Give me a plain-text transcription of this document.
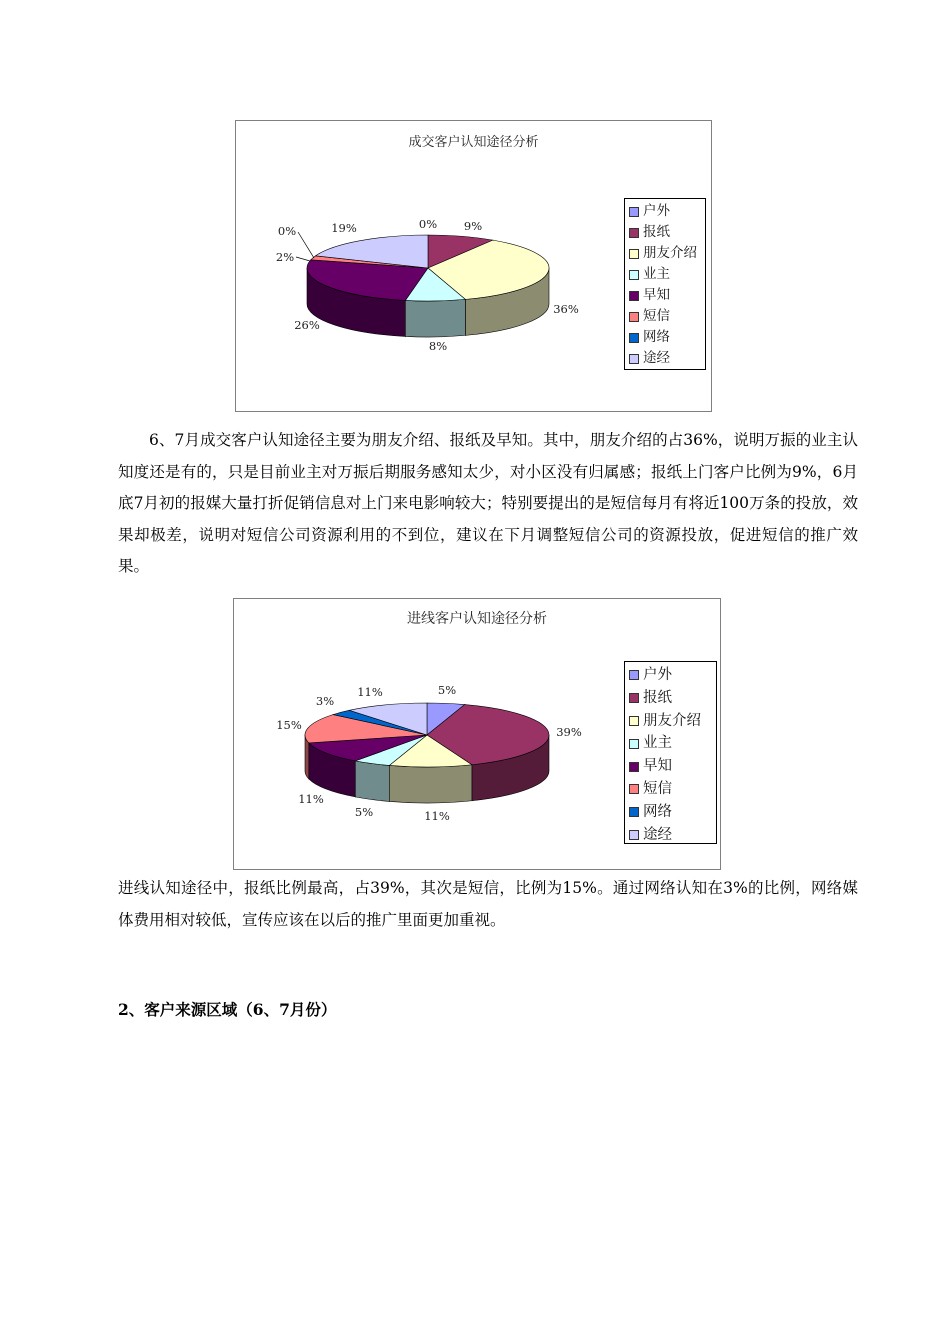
0% 9%
36%
8%
26%
2%
0%	19%
成交客户认知途径分析
户外
报纸
朋友介绍
业主
早知
短信
网络
途经

6、7月成交客户认知途径主要为朋友介绍、报纸及早知。其中，朋友介绍的占36%，说明万振的业主认知度还是有的，只是目前业主对万振后期服务感知太少，对小区没有归属感；报纸上门客户比例为9%，6月底7月初的报媒大量打折促销信息对上门来电影响较大；特别要提出的是短信每月有将近100万条的投放，效果却极差，说明对短信公司资源利用的不到位，建议在下月调整短信公司的资源投放，促进短信的推广效果。

5%
39%
11%
5%
11%
15%
3%
11%
进线客户认知途径分析
户外
报纸
朋友介绍
业主
早知
短信
网络
途经

进线认知途径中，报纸比例最高，占39%，其次是短信，比例为15%。通过网络认知在3%的比例，网络媒体费用相对较低，宣传应该在以后的推广里面更加重视。

2、客户来源区域（6、7月份）
